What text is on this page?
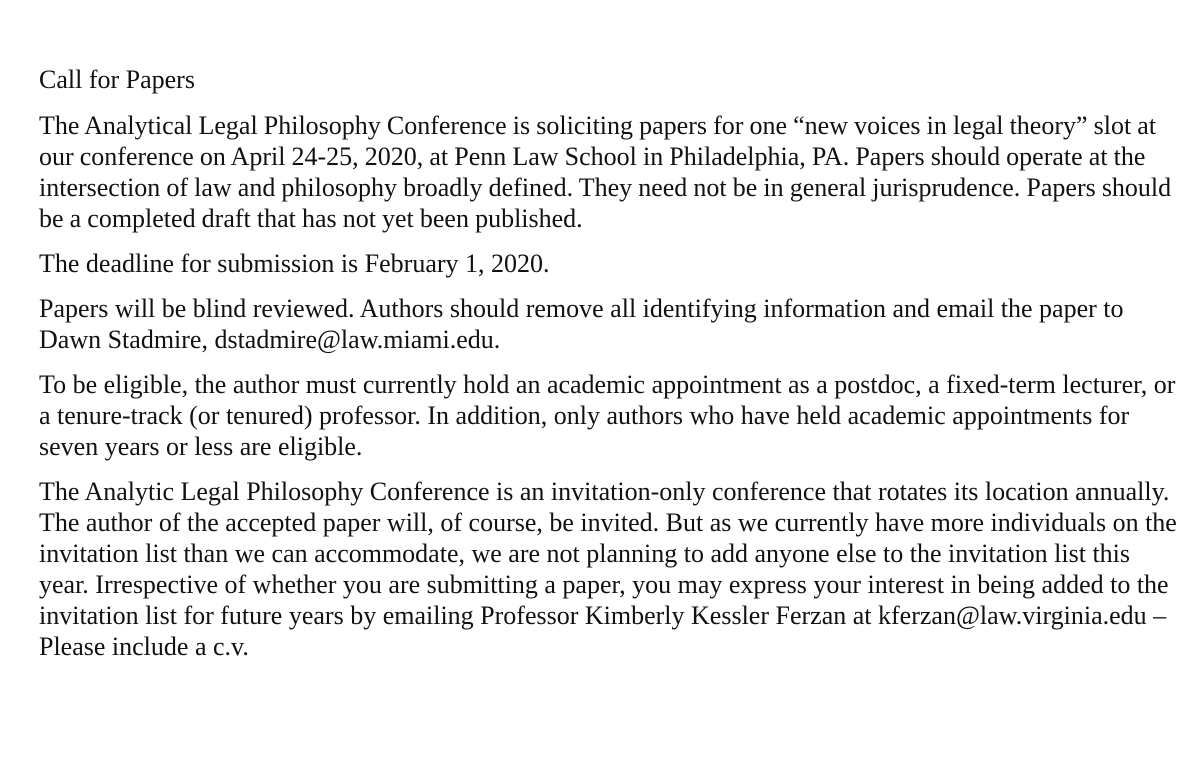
Call for Papers

The Analytical Legal Philosophy Conference is soliciting papers for one “new voices in legal theory” slot at our conference on April 24-25, 2020, at Penn Law School in Philadelphia, PA. Papers should operate at the intersection of law and philosophy broadly defined. They need not be in general jurisprudence. Papers should be a completed draft that has not yet been published.

The deadline for submission is February 1, 2020.

Papers will be blind reviewed. Authors should remove all identifying information and email the paper to Dawn Stadmire, dstadmire@law.miami.edu.

To be eligible, the author must currently hold an academic appointment as a postdoc, a fixed-term lecturer, or a tenure-track (or tenured) professor. In addition, only authors who have held academic appointments for seven years or less are eligible.

The Analytic Legal Philosophy Conference is an invitation-only conference that rotates its location annually. The author of the accepted paper will, of course, be invited. But as we currently have more individuals on the invitation list than we can accommodate, we are not planning to add anyone else to the invitation list this year. Irrespective of whether you are submitting a paper, you may express your interest in being added to the invitation list for future years by emailing Professor Kimberly Kessler Ferzan at kferzan@law.virginia.edu – Please include a c.v.
